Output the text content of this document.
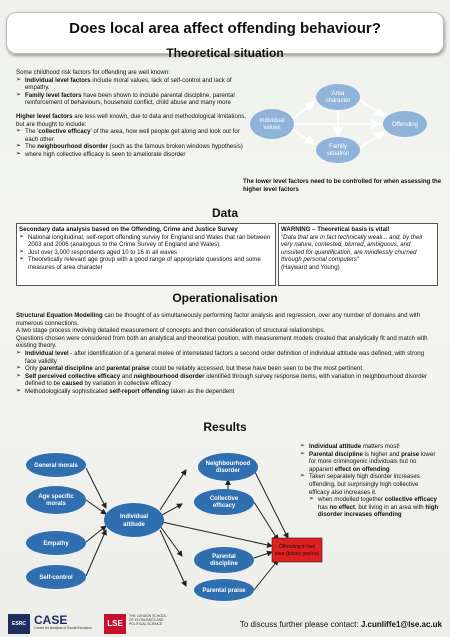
Does local area affect offending behaviour?
Theoretical situation

Some childhood risk factors for offending are well known:

➢ Individual level factors include moral values, lack of self-control and lack of empathy.
➢ Family level factors have been shown to include parental discipline, parental reinforcement of behaviours, household conflict, child abuse and many more

Higher level factors are less well known, due to data and methodological limitations, but are thought to include:

➢ The 'collective efficacy' of the area, how well people get along and look out for each other
➢ The neighbourhood disorder (such as the famous broken windows hypothesis)
➢ where high collective efficacy is seen to ameliorate disorder
Individual
values
Area
character
Family
situation
Offending
The lower level factors need to be controlled for when assessing the higher level factors
Data

Secondary data analysis based on the Offending, Crime and Justice Survey

➢ National longitudinal, self-report offending survey for England and Wales that ran between 2003 and 2006 (analogous to the Crime Survey of England and Wales).
➢ Just over 3,000 respondents aged 10 to 16 in all waves
➢ Theoretically relevant age group with a good range of appropriate questions and some measures of area character

WARNING – Theoretical basis is vital!

"Data that are in fact technically weak... and, by their very nature, contested, blurred, ambiguous, and unsuited for quantification, are mindlessly churned through personal computers"

(Hayward and Young)

Operationalisation

Structural Equation Modelling can be thought of as simultaneously performing factor analysis and regression, over any number of domains and with numerous connections.

A two stage process involving detailed measurement of concepts and then consideration of structural relationships.

Questions chosen were considered from both an analytical and theoretical position, with measurement models created that analytically fit and match with existing theory.

➢ Individual level - after identification of a general melee of interrelated factors a second order definition of individual attitude was defined, with strong face validity
➢ Only parental discipline and parental praise could be reliably accessed, but these have been seen to be the most pertinent.
➢ Self perceived collective efficacy and neighbourhood disorder identified through survey response items, with variation in neighbourhood disorder defined to be caused by variation in collective efficacy
➢ Methodologically sophisticated self-report offending taken as the dependent
Results
General morals
Age specific
morals
Empathy
Self-control
Individual
attitude
Neighbourhood
disorder
Collective
efficacy
Parental
discipline
Parental praise
Offending in last
year (binary yes/no)
➢ Individual attitude matters most!
➢ Parental discipline is higher and praise lower for more criminogenic individuals but no apparent effect on offending
➢ Taken separately high disorder increases offending, but surprisingly high collective efficacy also increases it.
➢ when modelled together collective efficacy has no effect, but living in an area with high disorder increases offending
ESRC CASE
Centre for Analysis of Social Exclusion	LSE
THE LONDON SCHOOL OF ECONOMICS AND POLITICAL SCIENCE	To discuss further please contact: J.cunliffe1@lse.ac.uk
